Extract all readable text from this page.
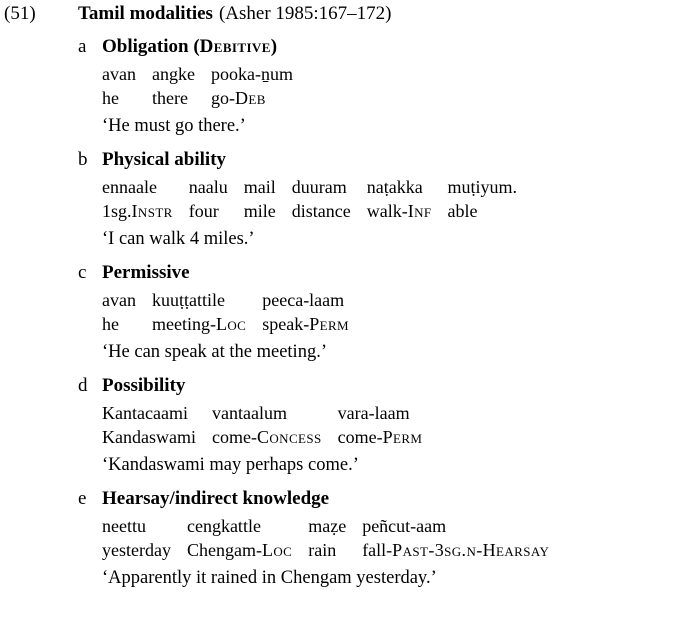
(51)	Tamil modalities (Asher 1985:167–172)
a Obligation (Debitive)
avan	angke	pooka-ṉum
he	there	go-Deb
‘He must go there.’
b Physical ability
ennaale	naalu	mail	duuram	naṭakka	muṭiyum.
1sg.Instr	four	mile	distance	walk-Inf	able
‘I can walk 4 miles.’
c Permissive
avan	kuuṭṭattile	peeca-laam
he	meeting-Loc	speak-Perm
‘He can speak at the meeting.’
d Possibility
Kantacaami	vantaalum	vara-laam
Kandaswami	come-Concess	come-Perm
‘Kandaswami may perhaps come.’
e Hearsay/indirect knowledge
neettu	cengkattle	maẓe	peñcut-aam
yesterday	Chengam-Loc	rain	fall-Past-3sg.n-Hearsay
‘Apparently it rained in Chengam yesterday.’
